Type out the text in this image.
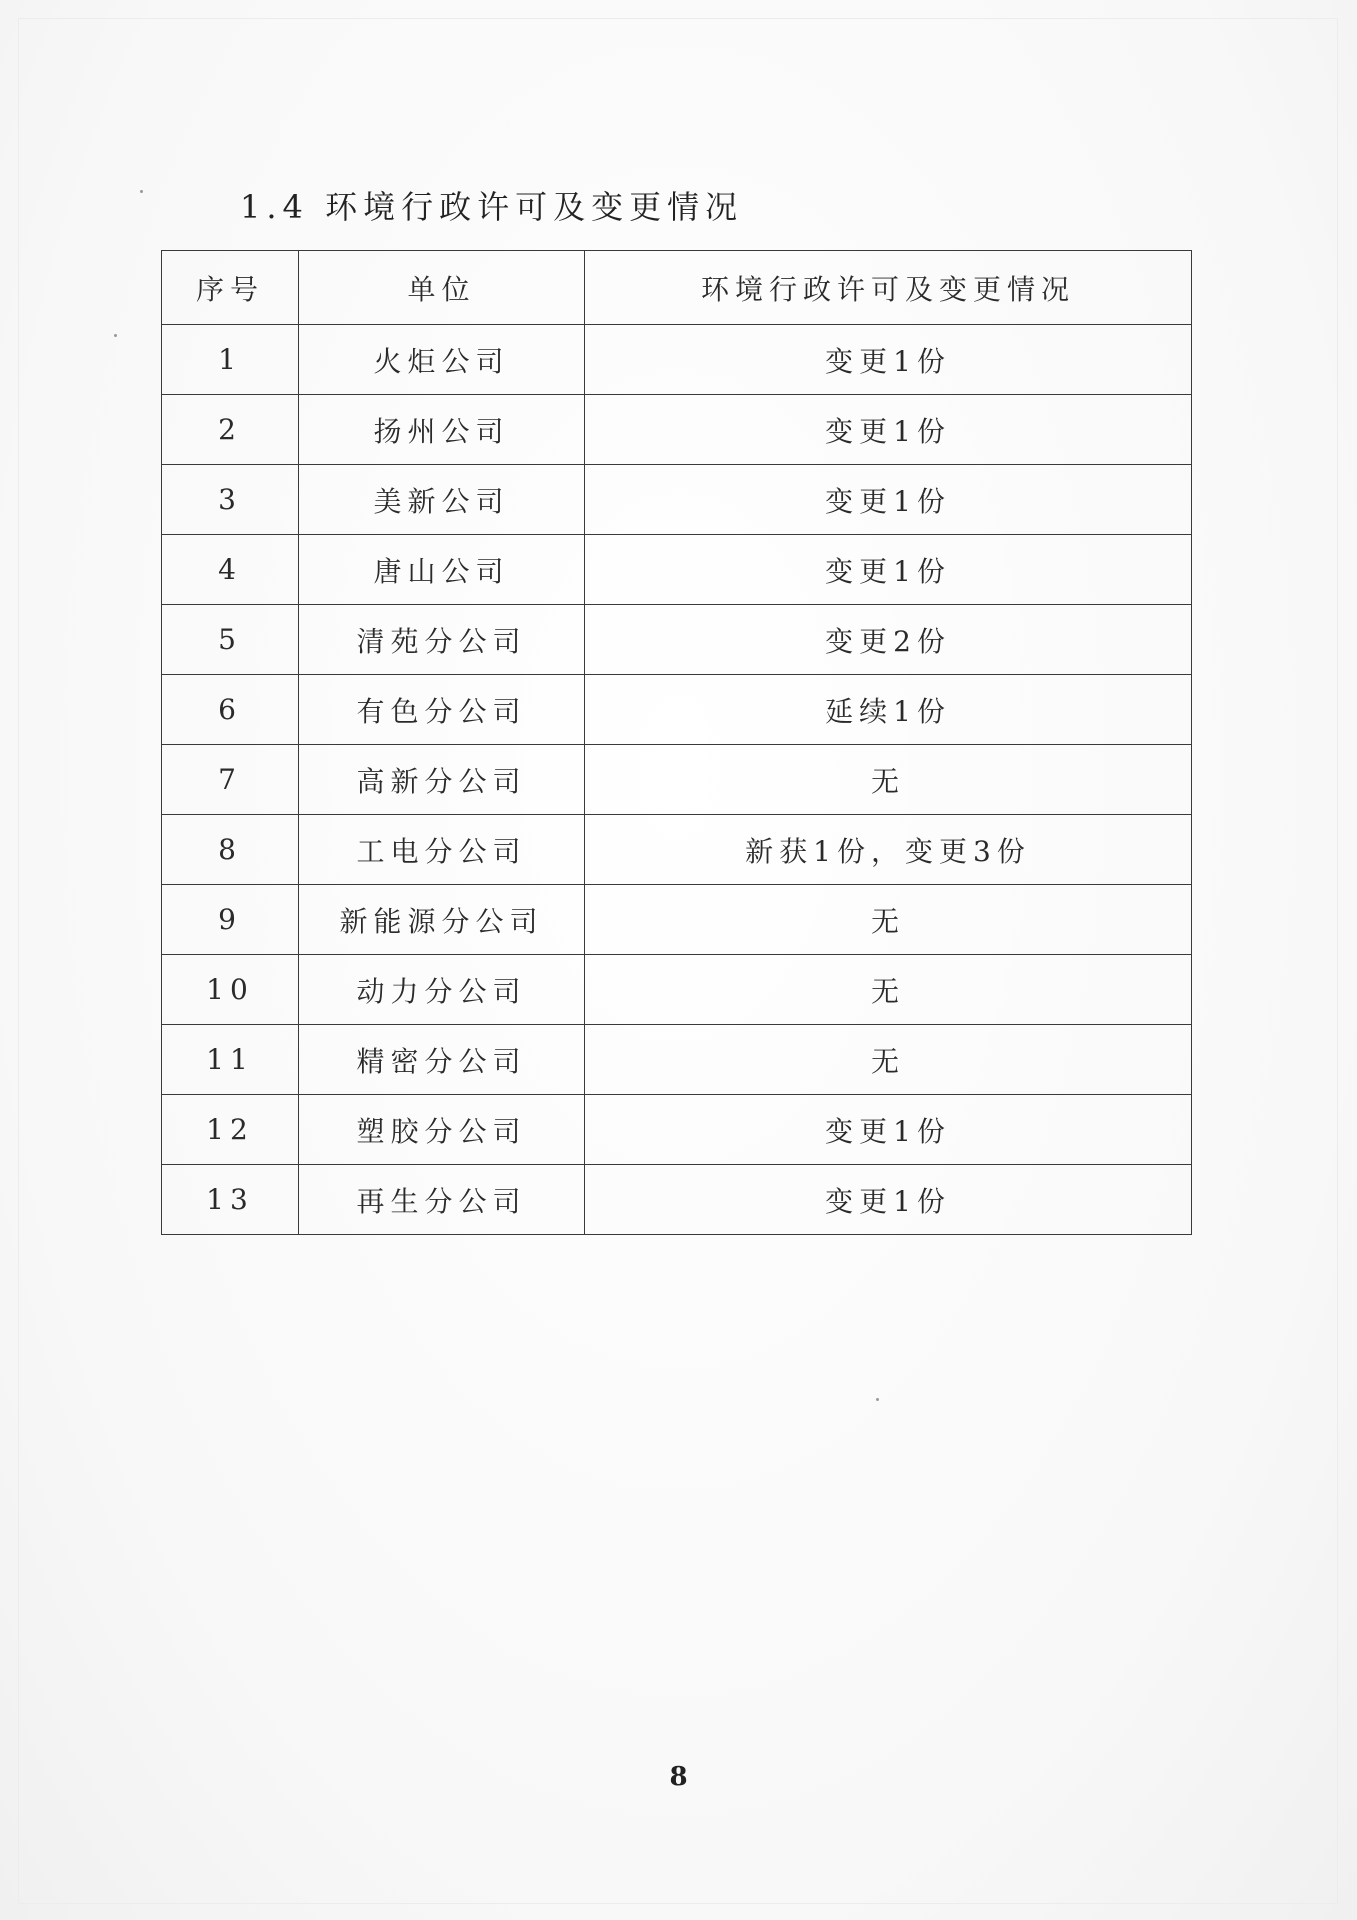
1.4 环境行政许可及变更情况
序号	单位	环境行政许可及变更情况
1	火炬公司	变更1份
2	扬州公司	变更1份
3	美新公司	变更1份
4	唐山公司	变更1份
5	清苑分公司	变更2份
6	有色分公司	延续1份
7	高新分公司	无
8	工电分公司	新获1份，变更3份
9	新能源分公司	无
10	动力分公司	无
11	精密分公司	无
12	塑胶分公司	变更1份
13	再生分公司	变更1份
8
